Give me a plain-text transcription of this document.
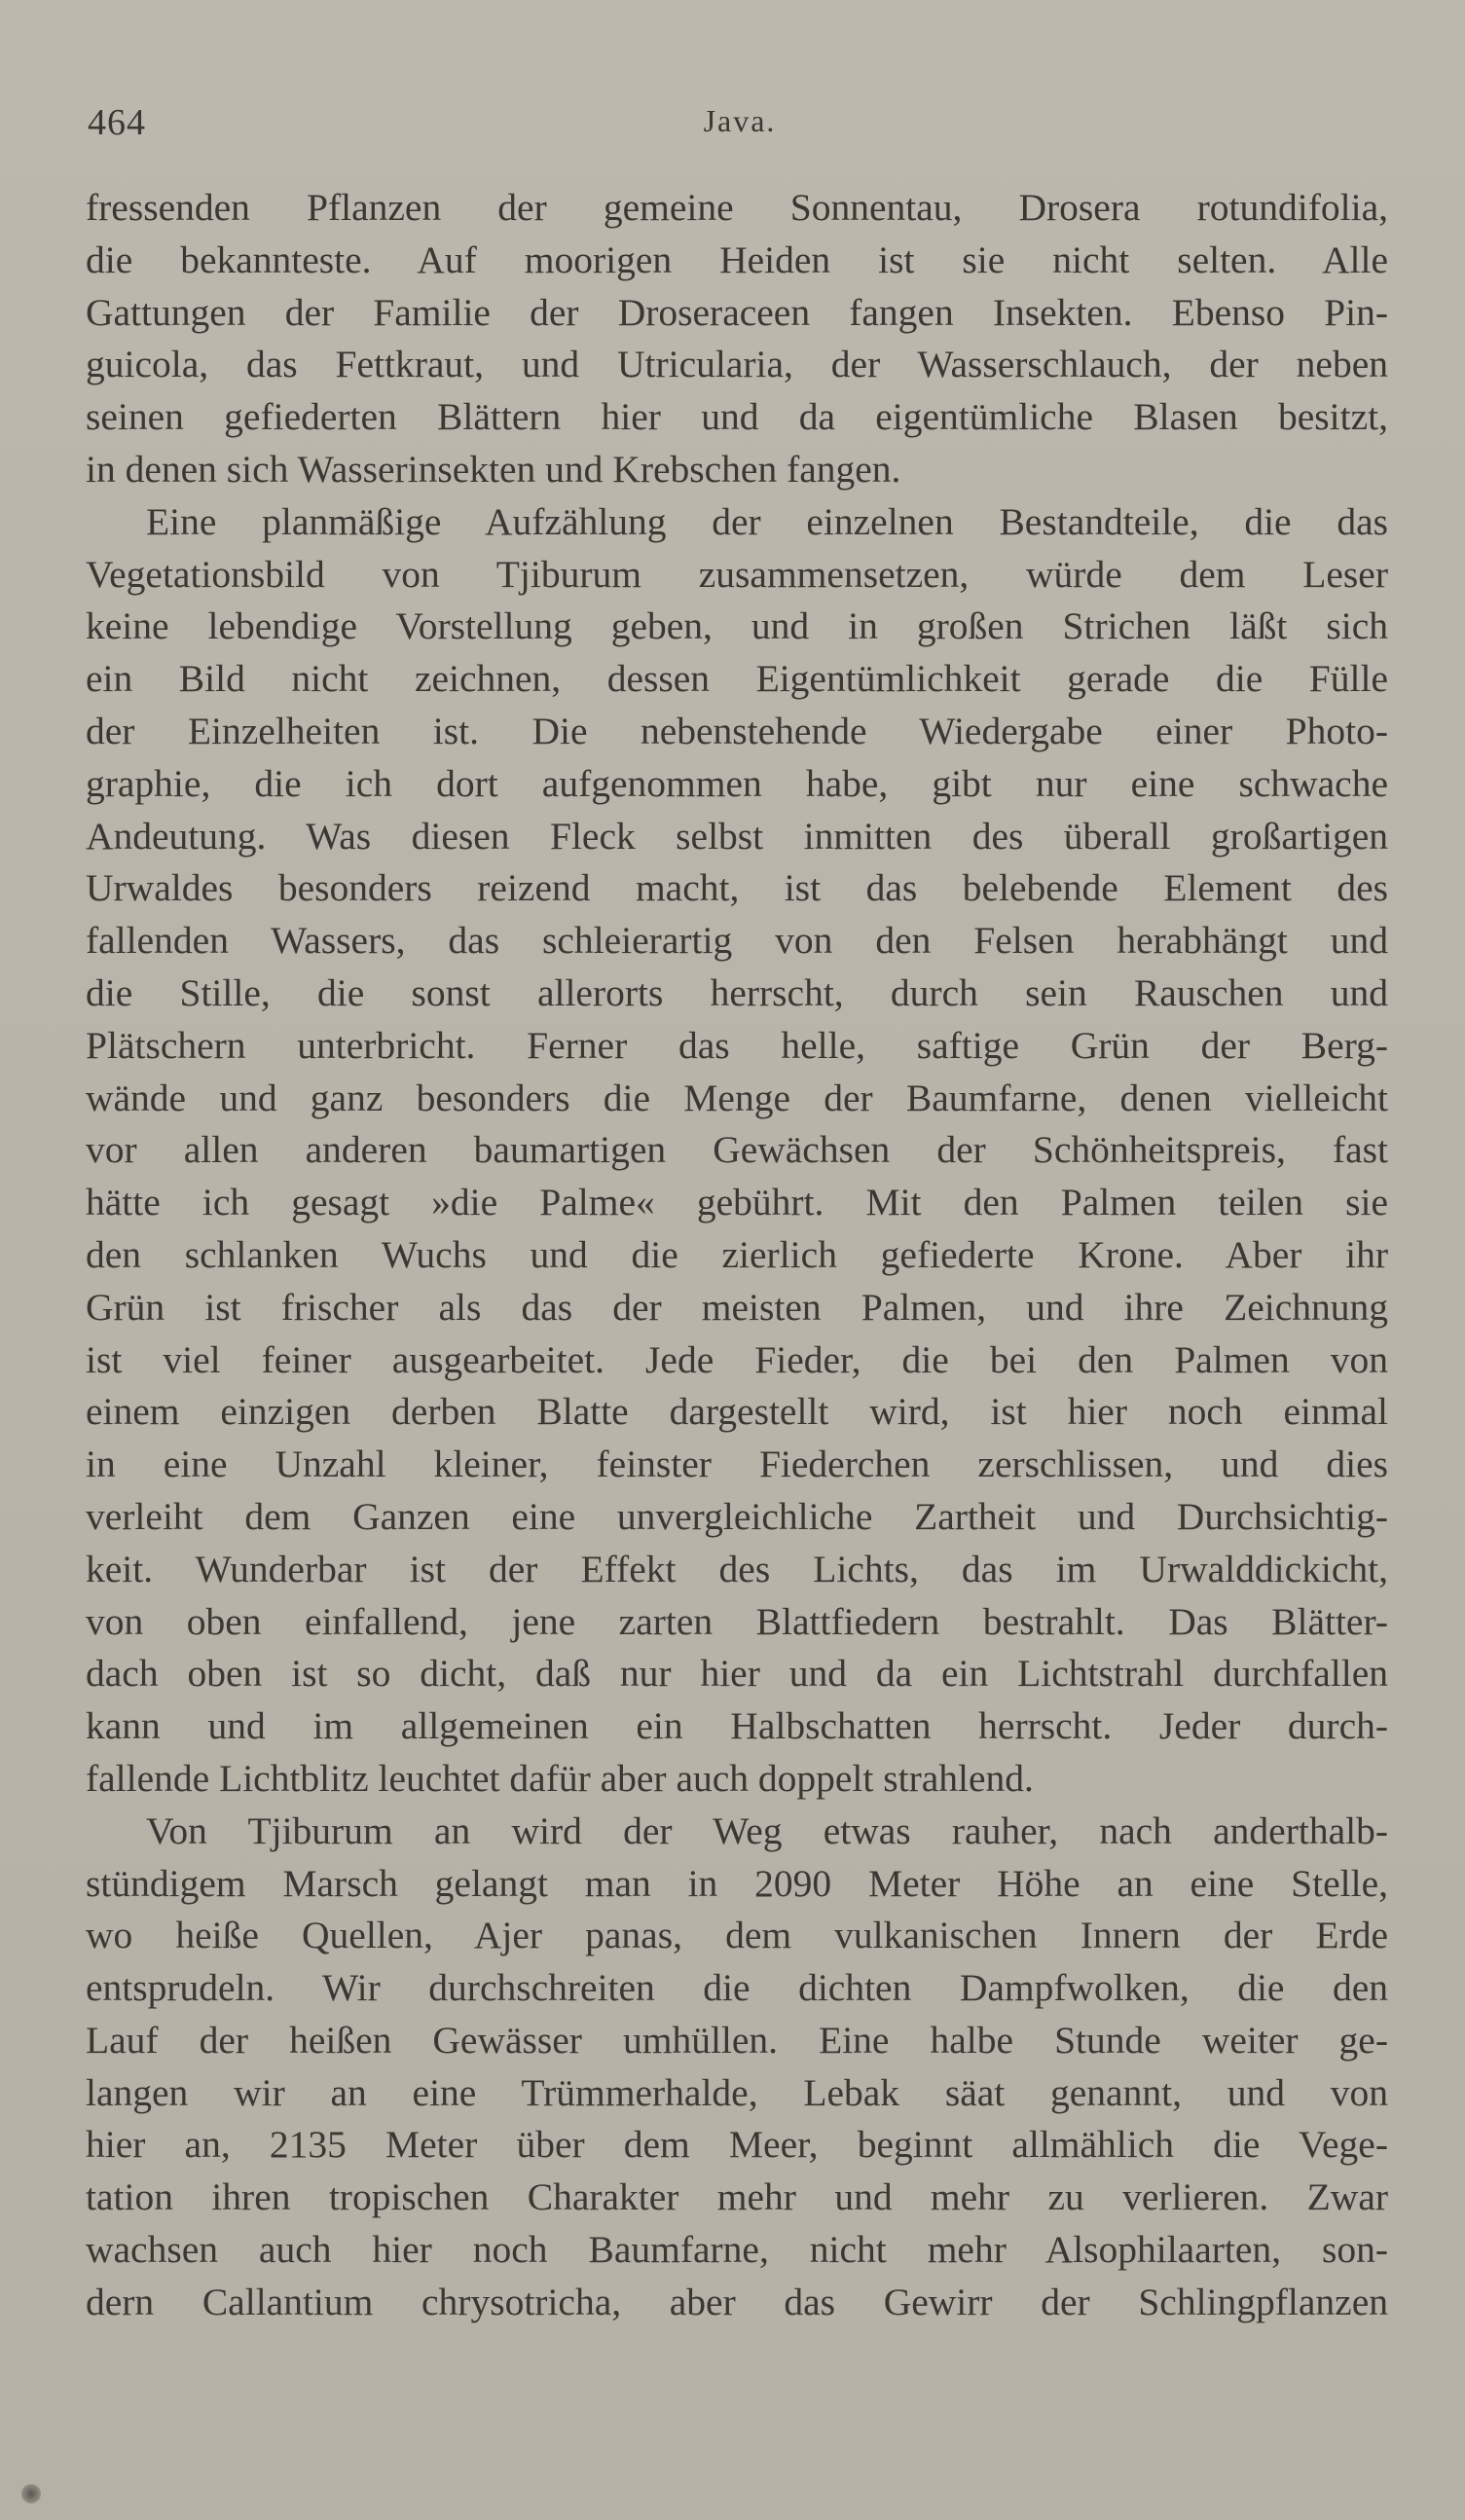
464	Java.
fressenden Pflanzen der gemeine Sonnentau, Drosera rotundifolia,
die bekannteste. Auf moorigen Heiden ist sie nicht selten. Alle
Gattungen der Familie der Droseraceen fangen Insekten. Ebenso Pin-
guicola, das Fettkraut, und Utricularia, der Wasserschlauch, der neben
seinen gefiederten Blättern hier und da eigentümliche Blasen besitzt,
in denen sich Wasserinsekten und Krebschen fangen.
Eine planmäßige Aufzählung der einzelnen Bestandteile, die das
Vegetationsbild von Tjiburum zusammensetzen, würde dem Leser
keine lebendige Vorstellung geben, und in großen Strichen läßt sich
ein Bild nicht zeichnen, dessen Eigentümlichkeit gerade die Fülle
der Einzelheiten ist. Die nebenstehende Wiedergabe einer Photo-
graphie, die ich dort aufgenommen habe, gibt nur eine schwache
Andeutung. Was diesen Fleck selbst inmitten des überall großartigen
Urwaldes besonders reizend macht, ist das belebende Element des
fallenden Wassers, das schleierartig von den Felsen herabhängt und
die Stille, die sonst allerorts herrscht, durch sein Rauschen und
Plätschern unterbricht. Ferner das helle, saftige Grün der Berg-
wände und ganz besonders die Menge der Baumfarne, denen vielleicht
vor allen anderen baumartigen Gewächsen der Schönheitspreis, fast
hätte ich gesagt »die Palme« gebührt. Mit den Palmen teilen sie
den schlanken Wuchs und die zierlich gefiederte Krone. Aber ihr
Grün ist frischer als das der meisten Palmen, und ihre Zeichnung
ist viel feiner ausgearbeitet. Jede Fieder, die bei den Palmen von
einem einzigen derben Blatte dargestellt wird, ist hier noch einmal
in eine Unzahl kleiner, feinster Fiederchen zerschlissen, und dies
verleiht dem Ganzen eine unvergleichliche Zartheit und Durchsichtig-
keit. Wunderbar ist der Effekt des Lichts, das im Urwalddickicht,
von oben einfallend, jene zarten Blattfiedern bestrahlt. Das Blätter-
dach oben ist so dicht, daß nur hier und da ein Lichtstrahl durchfallen
kann und im allgemeinen ein Halbschatten herrscht. Jeder durch-
fallende Lichtblitz leuchtet dafür aber auch doppelt strahlend.
Von Tjiburum an wird der Weg etwas rauher, nach anderthalb-
stündigem Marsch gelangt man in 2090 Meter Höhe an eine Stelle,
wo heiße Quellen, Ajer panas, dem vulkanischen Innern der Erde
entsprudeln. Wir durchschreiten die dichten Dampfwolken, die den
Lauf der heißen Gewässer umhüllen. Eine halbe Stunde weiter ge-
langen wir an eine Trümmerhalde, Lebak säat genannt, und von
hier an, 2135 Meter über dem Meer, beginnt allmählich die Vege-
tation ihren tropischen Charakter mehr und mehr zu verlieren. Zwar
wachsen auch hier noch Baumfarne, nicht mehr Alsophilaarten, son-
dern Callantium chrysotricha, aber das Gewirr der Schlingpflanzen
